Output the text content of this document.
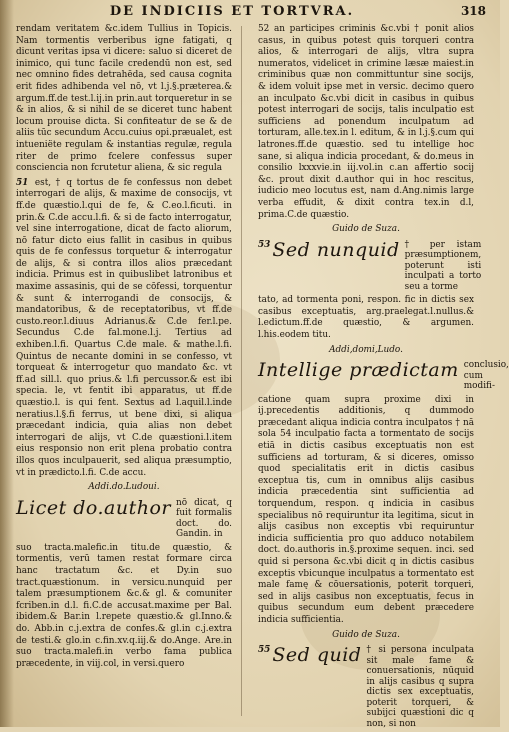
DE INDICIIS ET TORTVRA.	318

rendam veritatem &c.idem Tullius in Topicis. Nam tormentis verberibus igne fatigati, q dicunt veritas ipsa vi dicere: saluo si diceret de inimico, qui tunc facile credendū non est, sed nec omnino fides detrahēda, sed causa cognita erit fides adhibenda vel nō, vt l.j.§.præterea.& argum.ff.de test.l.ij.in prin.aut torqueretur in se & in alios, & si nihil de se diceret tunc habent locum prouise dicta. Si confiteatur de se & de aliis tūc secundum Accu.cuius opi.præualet, est intueniëte regulam & instantias regulæ, regula riter de primo fcelere confessus super consciencia non fcrutetur aliena, & sic regula

51 est, † q tortus de fe confessus non debet interrogari de alijs, & maxime de consocijs, vt ff.de quæstio.l.qui de fe, & C.eo.l.ficuti. in prin.& C.de accu.l.fi. & si de facto interrogatur, vel sine interrogatione, dicat de facto aliorum, nō fatur dicto eius fallit in casibus in quibus quis de fe confessus torquetur & interrogatur de alijs, & si contra illos alios præcedant indicia. Primus est in quibuslibet latronibus et maxime assasinis, qui de se cōfessi, torquentur & sunt & interrogandi de consocijs, & mandatoribus, & de receptatoribus, vt ff.de custo.reor.l.diuus Adrianus.& C.de fer.l.pe. Secundus C.de fal.mone.l.j. Tertius ad exhiben.l.fi. Quartus C.de male. & mathe.l.fi. Quintus de necante domini in se confesso, vt torqueat & interrogetur quo mandato &c. vt ff.ad sill.l. quo prius.& l.fi percussor.& est ibi specia. le, vt fentit ibi apparatus, ut ff.de quæstio.l. is qui fent. Sextus ad l.aquil.l.inde neratius.l.§.fi ferrus, ut bene dixi, si aliqua præcedant indicia, quia alias non debet interrogari de alijs, vt C.de quæstioni.l.item eius responsio non erit plena probatio contra illos quos inculpauerit, sed aliqua præsumptio, vt in prædicto.l.fi. C.de accu.

Addi.do.Ludoui.
Licet do.author nō dicat, q fuit formalis doct. do. Gandin. in

suo tracta.malefic.in titu.de quæstio, & tormentis, verū tamen restat formare circa hanc tractatum &c. et Dy.in suo tract.quæstionum. in versicu.nunquid per talem præsumptionem &c.& gl. & comuniter fcriben.in d.l. fi.C.de accusat.maxime per Bal. ibidem.& Bar.in l.repete quæstio.& gl.Inno.& do. Abb.in c.j.extra de confes.& gl.in c.j.extra de testi.& glo.in c.fin.xv.q.iij.& do.Ange. Are.in suo tracta.malefi.in verbo fama publica præcedente, in viij.col, in versi.quero

52 an participes criminis &c.vbi † ponit alios casus, in quibus potest quis torqueri contra alios, & interrogari de alijs, vltra supra numeratos, videlicet in crimine læsæ maiest.in criminibus quæ non committuntur sine socijs, & idem voluit ipse met in versic. decimo quero an inculpato &c.vbi dicit in casibus in quibus potest interrogari de socijs, talis inculpatio est sufficiens ad ponendum inculpatum ad torturam, alle.tex.in l. editum, & in l.j.§.cum qui latrones.ff.de quæstio. sed tu intellige hoc sane, si aliqua indicia procedant, & do.meus in consilio lxxxvie.in iij.vol.in c.an affertio socij &c. prout dixit d.author qui in hoc rescitus, iudicio meo locutus est, nam d.Ang.nimis large verba effudit, & dixit contra tex.in d.l, prima.C.de quæstio.

Guido de Suza.
53 Sed nunquid † per istam præsumptionem, poterunt isti inculpati a torto seu a torme

tato, ad tormenta poni, respon. fic in dictis sex casibus exceptuatis, arg.praelegat.l.nullus.& l.edictum.ff.de quæstio, & argumen. l.his.eodem titu.

Addi,domi,Ludo.
Intellige prædictam conclusio, cum modifi-

catione quam supra proxime dixi in ij.precedentis additionis, q dummodo præcedant aliqua indicia contra inculpatos † nā sola 54 inculpatio facta a tormentato de socijs etiā in dictis casibus exceptuatis non est sufficiens ad torturam, & si diceres, omisso quod specialitatis erit in dictis casibus exceptua tis, cum in omnibus alijs casibus indicia præcedentia sint sufficientia ad torquendum, respon. q indicia in casibus specialibus nō requiruntur ita legitima, sicut in alijs casibus non exceptis vbi requiruntur indicia sufficientia pro quo adduco notabilem doct. do.authoris in.§.proxime sequen. inci. sed quid si persona &c.vbi dicit q in dictis casibus exceptis vbicunque inculpatus a tormentato est male famę & cōuersationis, poterit torqueri, sed in alijs casibus non exceptuatis, fecus in quibus secundum eum debent præcedere indicia sufficientia.

Guido de Suza.
55 Sed quid † si persona inculpata sit male fame & conuersationis, nūquid in alijs casibus q supra dictis sex exceptuatis, poterit torqueri, & subijci quæstioni dic q non, si non
